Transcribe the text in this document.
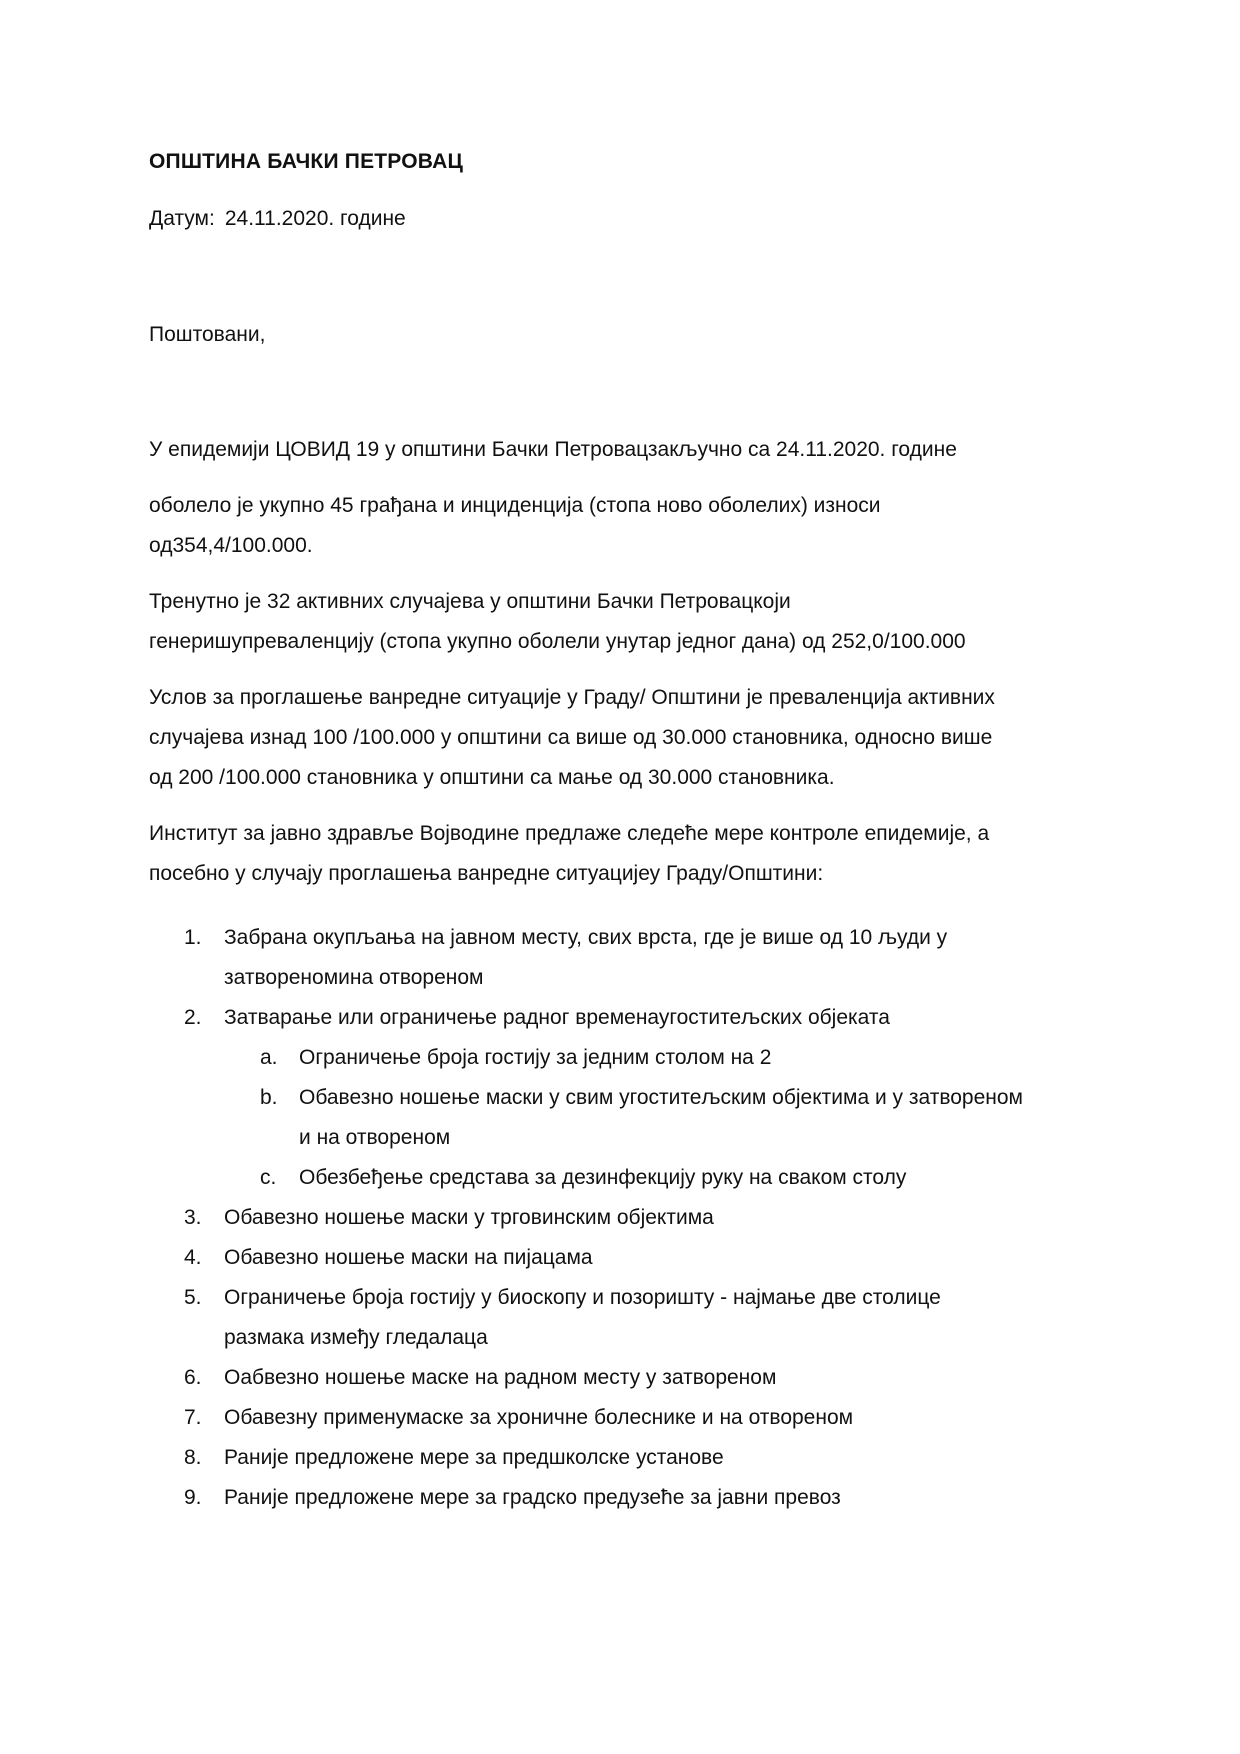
ОПШТИНА БАЧКИ ПЕТРОВАЦ
Датум: 24.11.2020. године
Поштовани,

У епидемији ЦОВИД 19 у општини Бачки Петровацзакључно са 24.11.2020. године

оболело је укупно 45 грађана и инциденција (стопа ново оболелих) износи
од354,4/100.000.

Тренутно је 32 активних случајева у општини Бачки Петровацкоји
генеришупреваленцију (стопа укупно оболели унутар једног дана) од 252,0/100.000

Услов за проглашење ванредне ситуације у Граду/ Општини је преваленција активних
случајева изнад 100 /100.000 у општини са више од 30.000 становника, односно више
од 200 /100.000 становника у општини са мање од 30.000 становника.

Институт за јавно здравље Војводине предлаже следеће мере контроле епидемије, а
посебно у случају проглашења ванредне ситуацијеу Граду/Општини:

1. Забрана окупљања на јавном месту, свих врста, где је више од 10 људи у
затвореномина отвореном
2. Затварање или ограничење радног временаугоститељских објеката
a. Ограничење броја гостију за једним столом на 2
b. Обавезно ношење маски у свим угоститељским објектима и у затвореном
и на отвореном
c. Обезбеђење средстава за дезинфекцију руку на сваком столу
3. Обавезно ношење маски у трговинским објектима
4. Обавезно ношење маски на пијацама
5. Ограничење броја гостију у биоскопу и позоришту - најмање две столице
размака између гледалаца
6. Оабвезно ношење маске на радном месту у затвореном
7. Обавезну применумаске за хроничне болеснике и на отвореном
8. Раније предложене мере за предшколске установе
9. Раније предложене мере за градско предузеће за јавни превоз
